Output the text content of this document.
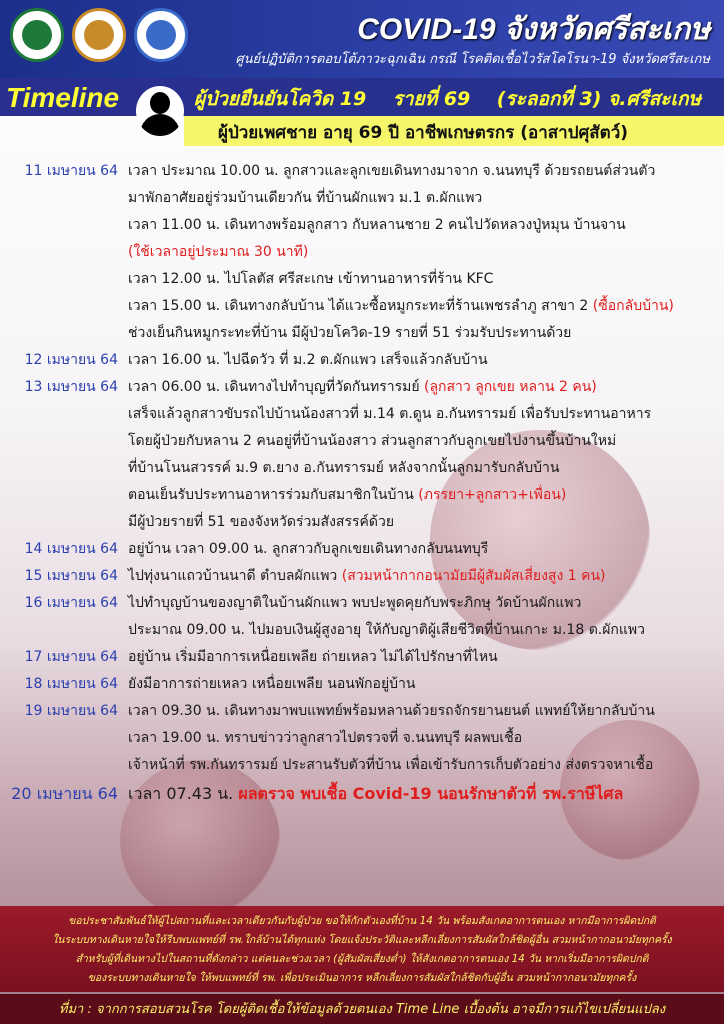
COVID-19 จังหวัดศรีสะเกษ
ศูนย์ปฏิบัติการตอบโต้ภาวะฉุกเฉิน กรณี โรคติดเชื้อไวรัสโคโรนา-19 จังหวัดศรีสะเกษ
Timeline	ผู้ป่วยยืนยันโควิด 19 รายที่ 69 (ระลอกที่ 3) จ.ศรีสะเกษ
ผู้ป่วยเพศชาย อายุ 69 ปี อาชีพเกษตรกร (อาสาปศุสัตว์)
11 เมษายน 64 เวลา ประมาณ 10.00 น. ลูกสาวและลูกเขยเดินทางมาจาก จ.นนทบุรี ด้วยรถยนต์ส่วนตัว
มาพักอาศัยอยู่ร่วมบ้านเดียวกัน ที่บ้านผักแพว ม.1 ต.ผักแพว
เวลา 11.00 น. เดินทางพร้อมลูกสาว กับหลานชาย 2 คนไปวัดหลวงปู่หมุน บ้านจาน
(ใช้เวลาอยู่ประมาณ 30 นาที)
เวลา 12.00 น. ไปโลตัส ศรีสะเกษ เข้าทานอาหารที่ร้าน KFC
เวลา 15.00 น. เดินทางกลับบ้าน ได้แวะซื้อหมูกระทะที่ร้านเพชรลำภู สาขา 2 (ซื้อกลับบ้าน)
ช่วงเย็นกินหมูกระทะที่บ้าน มีผู้ป่วยโควิด-19 รายที่ 51 ร่วมรับประทานด้วย
12 เมษายน 64 เวลา 16.00 น. ไปฉีดวัว ที่ ม.2 ต.ผักแพว เสร็จแล้วกลับบ้าน
13 เมษายน 64 เวลา 06.00 น. เดินทางไปทำบุญที่วัดกันทรารมย์ (ลูกสาว ลูกเขย หลาน 2 คน)
เสร็จแล้วลูกสาวขับรถไปบ้านน้องสาวที่ ม.14 ต.ดูน อ.กันทรารมย์ เพื่อรับประทานอาหาร
โดยผู้ป่วยกับหลาน 2 คนอยู่ที่บ้านน้องสาว ส่วนลูกสาวกับลูกเขยไปงานขึ้นบ้านใหม่
ที่บ้านโนนสวรรค์ ม.9 ต.ยาง อ.กันทรารมย์ หลังจากนั้นลูกมารับกลับบ้าน
ตอนเย็นรับประทานอาหารร่วมกับสมาชิกในบ้าน (ภรรยา+ลูกสาว+เพื่อน)
มีผู้ป่วยรายที่ 51 ของจังหวัดร่วมสังสรรค์ด้วย
14 เมษายน 64 อยู่บ้าน เวลา 09.00 น. ลูกสาวกับลูกเขยเดินทางกลับนนทบุรี
15 เมษายน 64 ไปทุ่งนาแถวบ้านนาดี ตำบลผักแพว (สวมหน้ากากอนามัยมีผู้สัมผัสเสี่ยงสูง 1 คน)
16 เมษายน 64 ไปทำบุญบ้านของญาติในบ้านผักแพว พบปะพูดคุยกับพระภิกษุ วัดบ้านผักแพว
ประมาณ 09.00 น. ไปมอบเงินผู้สูงอายุ ให้กับญาติผู้เสียชีวิตที่บ้านเกาะ ม.18 ต.ผักแพว
17 เมษายน 64 อยู่บ้าน เริ่มมีอาการเหนื่อยเพลีย ถ่ายเหลว ไม่ได้ไปรักษาที่ไหน
18 เมษายน 64 ยังมีอาการถ่ายเหลว เหนื่อยเพลีย นอนพักอยู่บ้าน
19 เมษายน 64 เวลา 09.30 น. เดินทางมาพบแพทย์พร้อมหลานด้วยรถจักรยานยนต์ แพทย์ให้ยากลับบ้าน
เวลา 19.00 น. ทราบข่าวว่าลูกสาวไปตรวจที่ จ.นนทบุรี ผลพบเชื้อ
เจ้าหน้าที่ รพ.กันทรารมย์ ประสานรับตัวที่บ้าน เพื่อเข้ารับการเก็บตัวอย่าง ส่งตรวจหาเชื้อ
20 เมษายน 64 เวลา 07.43 น. ผลตรวจ พบเชื้อ Covid-19 นอนรักษาตัวที่ รพ.ราษีไศล
ขอประชาสัมพันธ์ให้ผู้ไปสถานที่และเวลาเดียวกันกับผู้ป่วย ขอให้กักตัวเองที่บ้าน 14 วัน พร้อมสังเกตอาการตนเอง หากมีอาการผิดปกติ
ในระบบทางเดินหายใจให้รีบพบแพทย์ที่ รพ.ใกล้บ้านได้ทุกแห่ง โดยแจ้งประวัติและหลีกเลี่ยงการสัมผัสใกล้ชิดผู้อื่น สวมหน้ากากอนามัยทุกครั้ง
สำหรับผู้ที่เดินทางไปในสถานที่ดังกล่าว แต่คนละช่วงเวลา (ผู้สัมผัสเสี่ยงต่ำ) ให้สังเกตอาการตนเอง 14 วัน หากเริ่มมีอาการผิดปกติ
ของระบบทางเดินหายใจ ให้พบแพทย์ที่ รพ. เพื่อประเมินอาการ หลีกเลี่ยงการสัมผัสใกล้ชิดกับผู้อื่น สวมหน้ากากอนามัยทุกครั้ง
ที่มา : จากการสอบสวนโรค โดยผู้ติดเชื้อให้ข้อมูลด้วยตนเอง Time Line เบื้องต้น อาจมีการแก้ไขเปลี่ยนแปลง
